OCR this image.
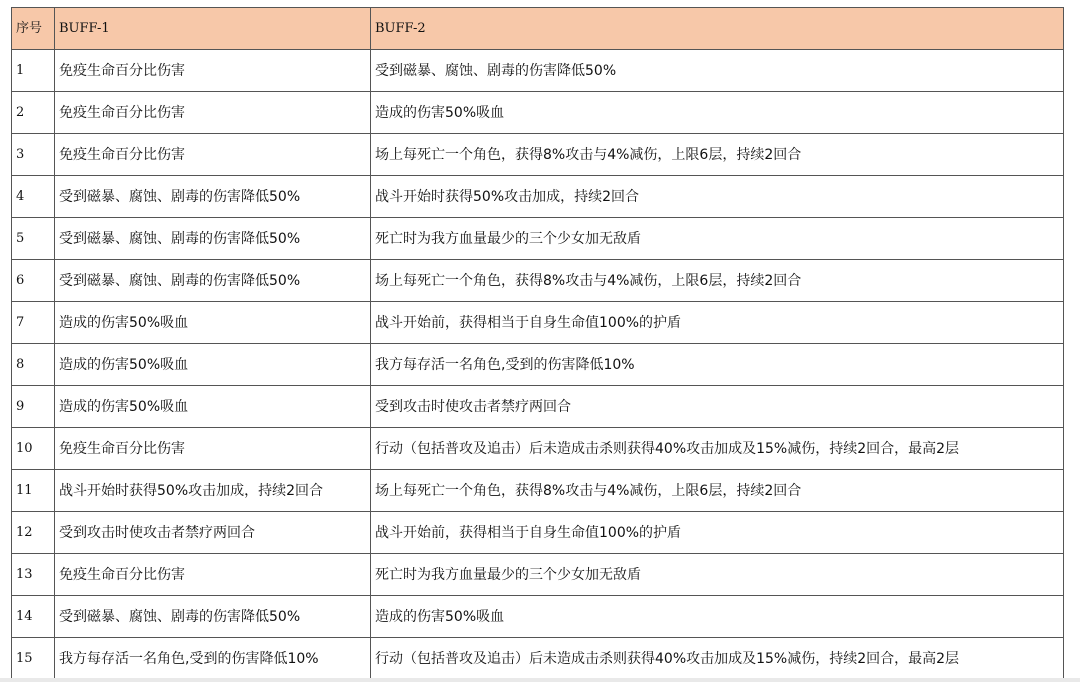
序号	BUFF-1	BUFF-2
1	免疫生命百分比伤害	受到磁暴、腐蚀、剧毒的伤害降低50%
2	免疫生命百分比伤害	造成的伤害50%吸血
3	免疫生命百分比伤害	场上每死亡一个角色，获得8%攻击与4%减伤，上限6层，持续2回合
4	受到磁暴、腐蚀、剧毒的伤害降低50%	战斗开始时获得50%攻击加成，持续2回合
5	受到磁暴、腐蚀、剧毒的伤害降低50%	死亡时为我方血量最少的三个少女加无敌盾
6	受到磁暴、腐蚀、剧毒的伤害降低50%	场上每死亡一个角色，获得8%攻击与4%减伤，上限6层，持续2回合
7	造成的伤害50%吸血	战斗开始前，获得相当于自身生命值100%的护盾
8	造成的伤害50%吸血	我方每存活一名角色,受到的伤害降低10%
9	造成的伤害50%吸血	受到攻击时使攻击者禁疗两回合
10	免疫生命百分比伤害	行动（包括普攻及追击）后未造成击杀则获得40%攻击加成及15%减伤，持续2回合，最高2层
11	战斗开始时获得50%攻击加成，持续2回合	场上每死亡一个角色，获得8%攻击与4%减伤，上限6层，持续2回合
12	受到攻击时使攻击者禁疗两回合	战斗开始前，获得相当于自身生命值100%的护盾
13	免疫生命百分比伤害	死亡时为我方血量最少的三个少女加无敌盾
14	受到磁暴、腐蚀、剧毒的伤害降低50%	造成的伤害50%吸血
15	我方每存活一名角色,受到的伤害降低10%	行动（包括普攻及追击）后未造成击杀则获得40%攻击加成及15%减伤，持续2回合，最高2层
